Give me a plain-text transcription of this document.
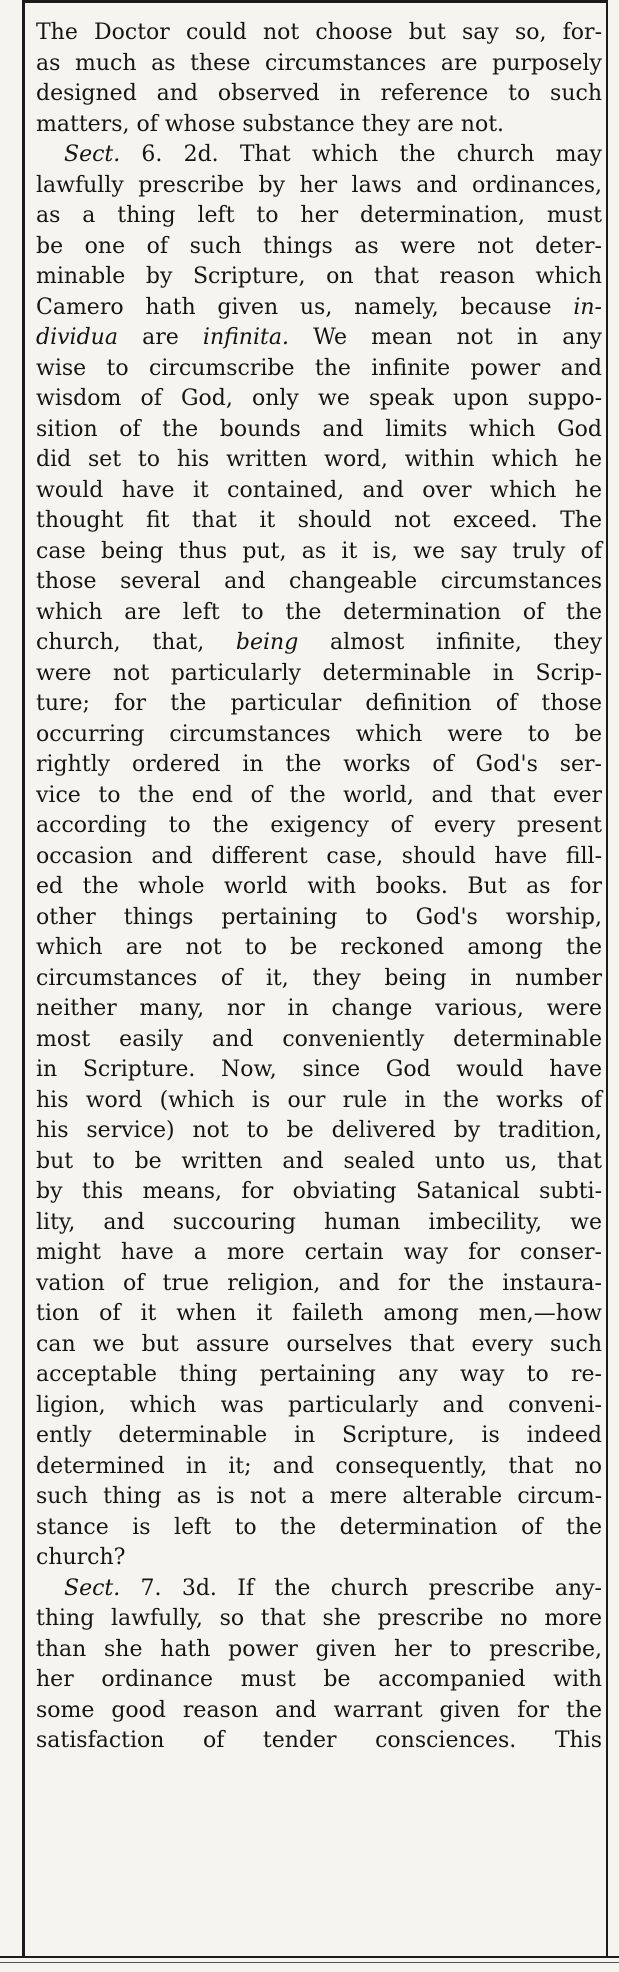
The Doctor could not choose but say so, for-
as much as these circumstances are purposely
designed and observed in reference to such
matters, of whose substance they are not.
Sect. 6. 2d. That which the church may
lawfully prescribe by her laws and ordinances,
as a thing left to her determination, must
be one of such things as were not deter-
minable by Scripture, on that reason which
Camero hath given us, namely, because in-
dividua are infinita. We mean not in any
wise to circumscribe the infinite power and
wisdom of God, only we speak upon suppo-
sition of the bounds and limits which God
did set to his written word, within which he
would have it contained, and over which he
thought fit that it should not exceed. The
case being thus put, as it is, we say truly of
those several and changeable circumstances
which are left to the determination of the
church, that, being almost infinite, they
were not particularly determinable in Scrip-
ture; for the particular definition of those
occurring circumstances which were to be
rightly ordered in the works of God's ser-
vice to the end of the world, and that ever
according to the exigency of every present
occasion and different case, should have fill-
ed the whole world with books. But as for
other things pertaining to God's worship,
which are not to be reckoned among the
circumstances of it, they being in number
neither many, nor in change various, were
most easily and conveniently determinable
in Scripture. Now, since God would have
his word (which is our rule in the works of
his service) not to be delivered by tradition,
but to be written and sealed unto us, that
by this means, for obviating Satanical subti-
lity, and succouring human imbecility, we
might have a more certain way for conser-
vation of true religion, and for the instaura-
tion of it when it faileth among men,—how
can we but assure ourselves that every such
acceptable thing pertaining any way to re-
ligion, which was particularly and conveni-
ently determinable in Scripture, is indeed
determined in it; and consequently, that no
such thing as is not a mere alterable circum-
stance is left to the determination of the
church?
Sect. 7. 3d. If the church prescribe any-
thing lawfully, so that she prescribe no more
than she hath power given her to prescribe,
her ordinance must be accompanied with
some good reason and warrant given for the
satisfaction of tender consciences. This
